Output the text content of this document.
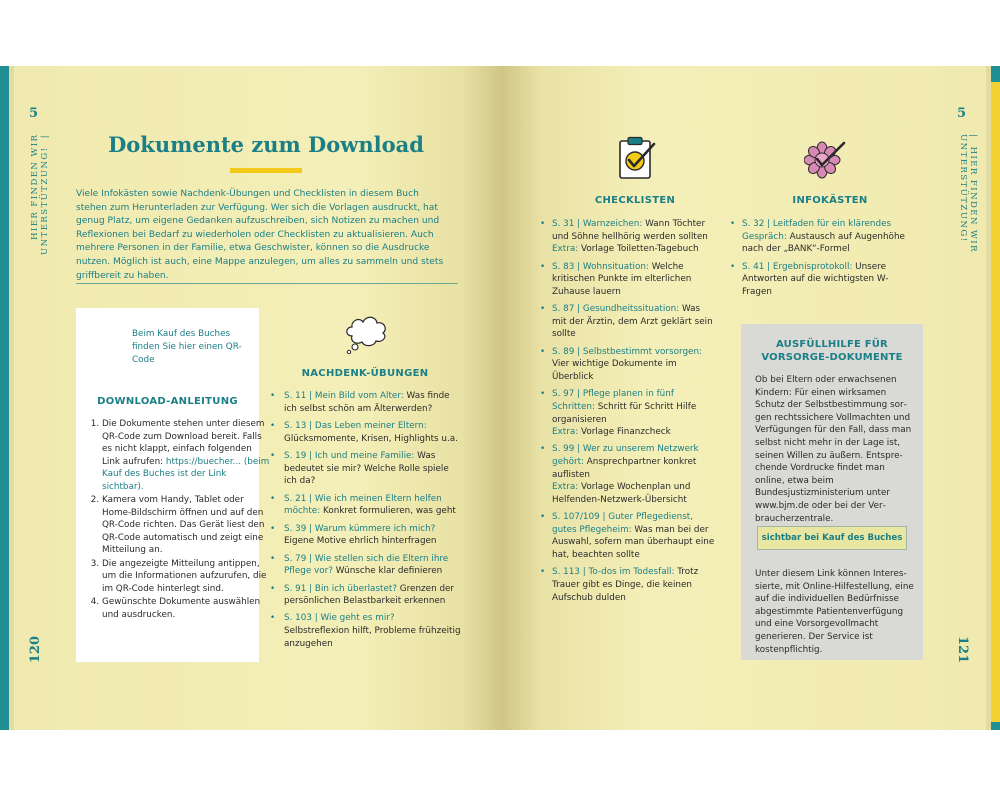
5
HIER FINDEN WIR UNTERSTÜTZUNG!  |
120
5
|  HIER FINDEN WIR UNTERSTÜTZUNG!
121
Dokumente zum Download
Viele Infokästen sowie Nachdenk-Übungen und Checklisten in diesem Buch stehen zum Herunterladen zur Verfügung. Wer sich die Vorlagen ausdruckt, hat genug Platz, um eigene Gedanken aufzuschreiben, sich Notizen zu machen und Reflexionen bei Bedarf zu wiederholen oder Checklisten zu aktualisieren. Auch mehrere Personen in der Familie, etwa Geschwister, können so die Ausdrucke nutzen. Möglich ist auch, eine Mappe anzulegen, um alles zu sammeln und stets griffbereit zu haben.
Beim Kauf des Buches finden Sie hier einen QR-Code
DOWNLOAD-ANLEITUNG
1. Die Dokumente stehen unter diesem QR-Code zum Download bereit. Falls es nicht klappt, einfach folgenden Link aufrufen: https://buecher... (beim Kauf des Buches ist der Link sichtbar).
2. Kamera vom Handy, Tablet oder Home-Bildschirm öffnen und auf den QR-Code richten. Das Gerät liest den QR-Code automatisch und zeigt eine Mitteilung an.
3. Die angezeigte Mitteilung antippen, um die Informationen aufzurufen, die im QR-Code hinterlegt sind.
4. Gewünschte Dokumente auswählen und ausdrucken.
NACHDENK-ÜBUNGEN
• S. 11 | Mein Bild vom Alter: Was finde ich selbst schön am Älterwerden?
• S. 13 | Das Leben meiner Eltern: Glücksmomente, Krisen, Highlights u.a.
• S. 19 | Ich und meine Familie: Was bedeutet sie mir? Welche Rolle spiele ich da?
• S. 21 | Wie ich meinen Eltern helfen möchte: Konkret formulieren, was geht
• S. 39 | Warum kümmere ich mich? Eigene Motive ehrlich hinterfragen
• S. 79 | Wie stellen sich die Eltern ihre Pflege vor? Wünsche klar definieren
• S. 91 | Bin ich überlastet? Grenzen der persönlichen Belastbarkeit erkennen
• S. 103 | Wie geht es mir? Selbstreflexion hilft, Probleme frühzeitig anzugehen
CHECKLISTEN	INFOKÄSTEN
• S. 31 | Warnzeichen: Wann Töchter und Söhne hellhörig werden sollten
Extra: Vorlage Toiletten-Tagebuch
• S. 83 | Wohnsituation: Welche kritischen Punkte im elterlichen Zuhause lauern
• S. 87 | Gesundheitssituation: Was mit der Ärztin, dem Arzt geklärt sein sollte
• S. 89 | Selbstbestimmt vorsorgen: Vier wichtige Dokumente im Überblick
• S. 97 | Pflege planen in fünf Schritten: Schritt für Schritt Hilfe organisieren
Extra: Vorlage Finanzcheck
• S. 99 | Wer zu unserem Netzwerk gehört: Ansprechpartner konkret auflisten
Extra: Vorlage Wochenplan und Helfenden-Netzwerk-Übersicht
• S. 107/109 | Guter Pflegedienst, gutes Pflegeheim: Was man bei der Auswahl, sofern man überhaupt eine hat, beachten sollte
• S. 113 | To-dos im Todesfall: Trotz Trauer gibt es Dinge, die keinen Aufschub dulden
• S. 32 | Leitfaden für ein klärendes Gespräch: Austausch auf Augenhöhe nach der „BANK“-Formel
• S. 41 | Ergebnisprotokoll: Unsere Antworten auf die wichtigsten W-Fragen
AUSFÜLLHILFE FÜR VORSORGE-DOKUMENTE
Ob bei Eltern oder erwachsenen Kindern: Für einen wirksamen Schutz der Selbstbestimmung sorgen rechtssichere Vollmachten und Verfügungen für den Fall, dass man selbst nicht mehr in der Lage ist, seinen Willen zu äußern. Entsprechende Vordrucke findet man online, etwa beim Bundesjustizministerium unter www.bjm.de oder bei der Verbraucherzentrale.
sichtbar bei Kauf des Buches
Unter diesem Link können Interessierte, mit Online-Hilfestellung, eine auf die individuellen Bedürfnisse abgestimmte Patientenverfügung und eine Vorsorgevollmacht generieren. Der Service ist kostenpflichtig.
